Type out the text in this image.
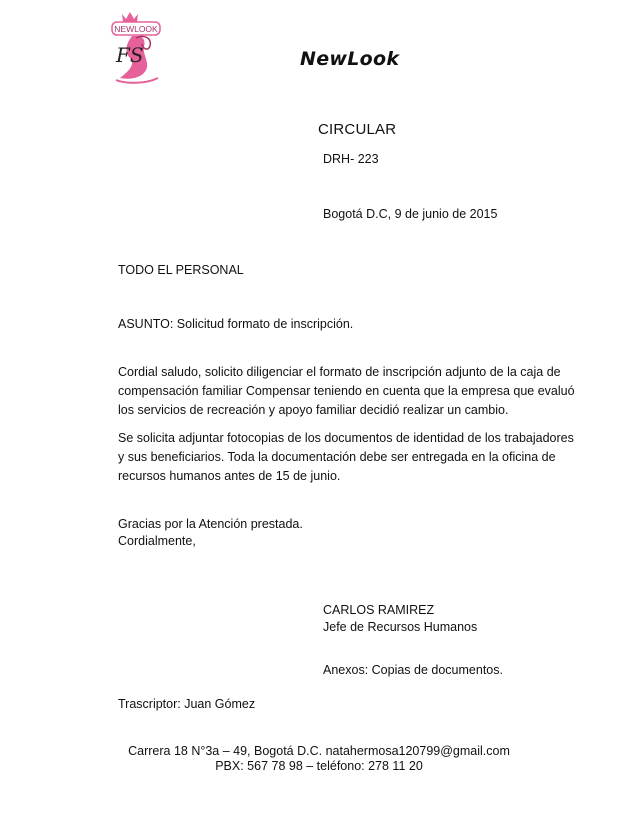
NEWLOOK
FS	NewLook
CIRCULAR
DRH- 223
Bogotá D.C, 9 de junio de 2015
TODO EL PERSONAL
ASUNTO: Solicitud formato de inscripción.
Cordial saludo, solicito diligenciar el formato de inscripción adjunto de la caja de
compensación familiar Compensar teniendo en cuenta que la empresa que evaluó
los servicios de recreación y apoyo familiar decidió realizar un cambio.
Se solicita adjuntar fotocopias de los documentos de identidad de los trabajadores
y sus beneficiarios. Toda la documentación debe ser entregada en la oficina de
recursos humanos antes de 15 de junio.
Gracias por la Atención prestada.
Cordialmente,
CARLOS RAMIREZ
Jefe de Recursos Humanos
Anexos: Copias de documentos.
Trascriptor: Juan Gómez
Carrera 18 N°3a – 49, Bogotá D.C. natahermosa120799@gmail.com
PBX: 567 78 98 – teléfono: 278 11 20
